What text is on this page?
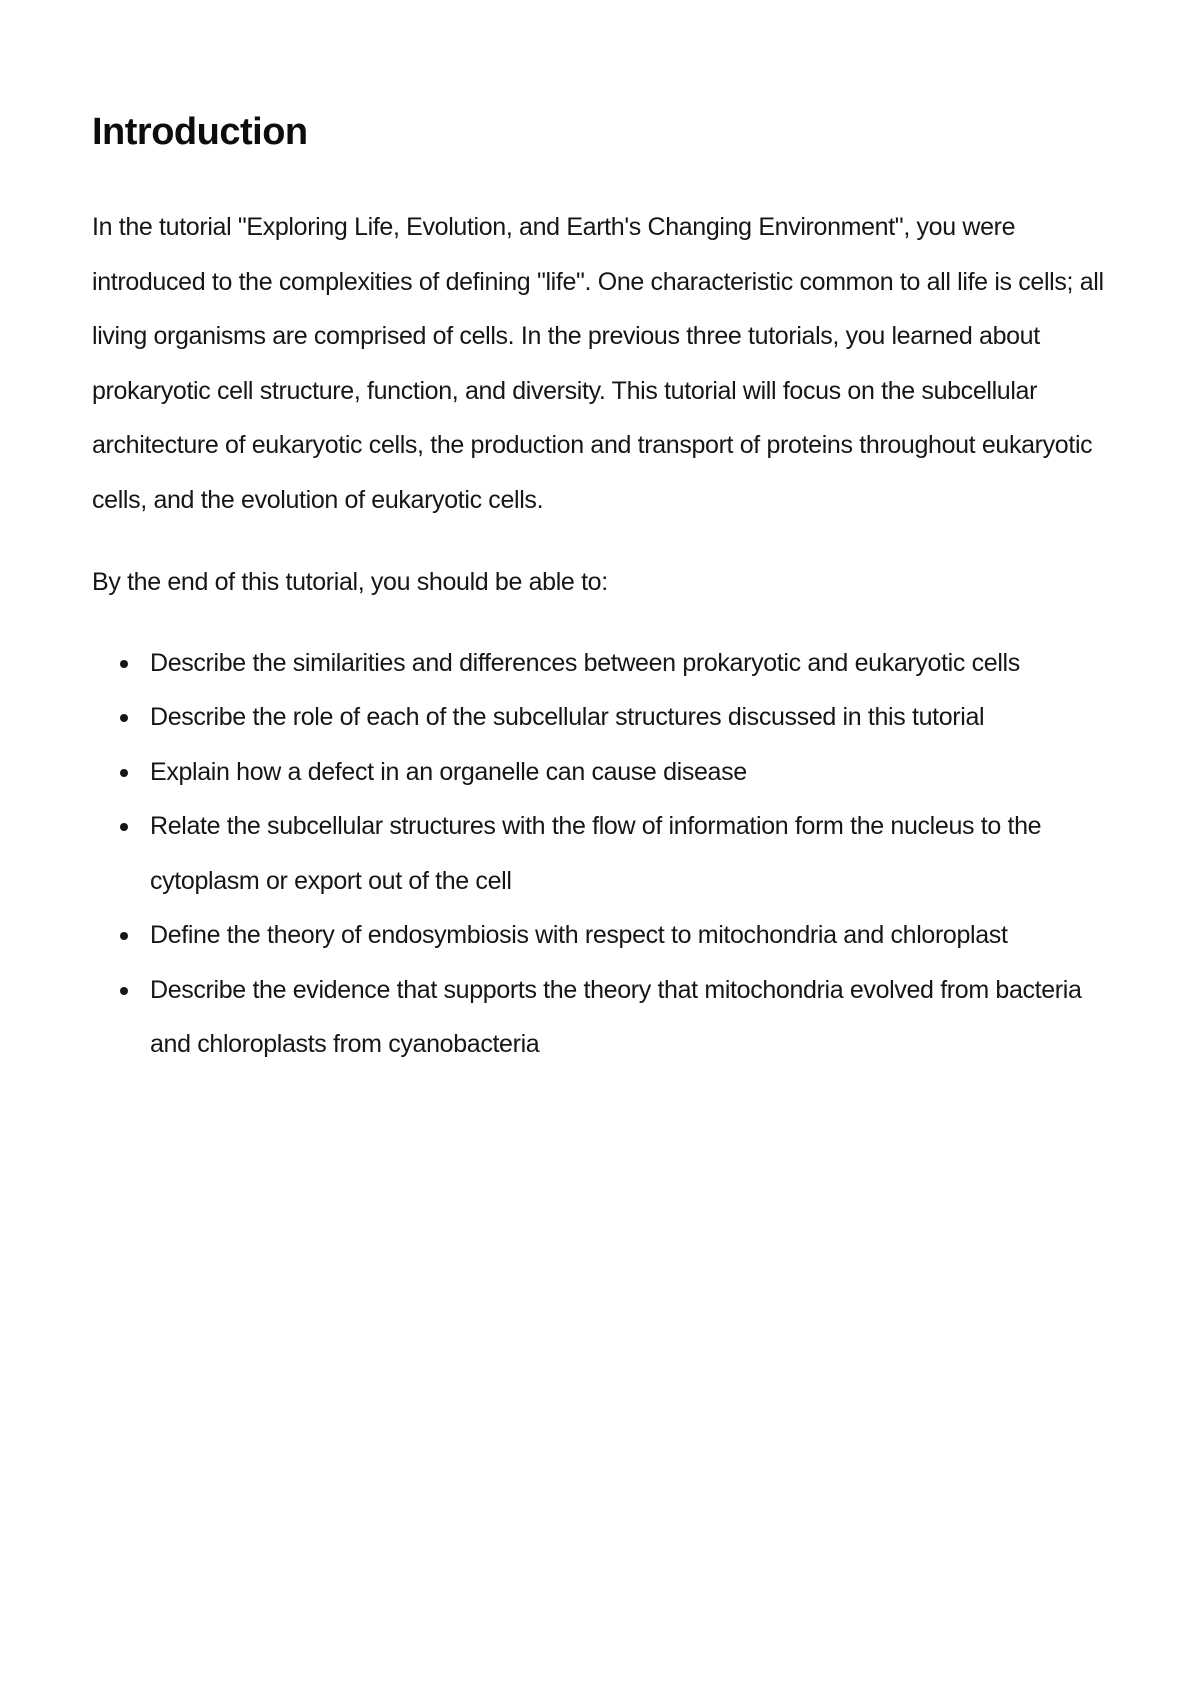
Introduction

In the tutorial "Exploring Life, Evolution, and Earth's Changing Environment", you were introduced to the complexities of defining "life". One characteristic common to all life is cells; all living organisms are comprised of cells. In the previous three tutorials, you learned about prokaryotic cell structure, function, and diversity. This tutorial will focus on the subcellular architecture of eukaryotic cells, the production and transport of proteins throughout eukaryotic cells, and the evolution of eukaryotic cells.

By the end of this tutorial, you should be able to:

Describe the similarities and differences between prokaryotic and eukaryotic cells
Describe the role of each of the subcellular structures discussed in this tutorial
Explain how a defect in an organelle can cause disease
Relate the subcellular structures with the flow of information form the nucleus to the cytoplasm or export out of the cell
Define the theory of endosymbiosis with respect to mitochondria and chloroplast
Describe the evidence that supports the theory that mitochondria evolved from bacteria and chloroplasts from cyanobacteria
